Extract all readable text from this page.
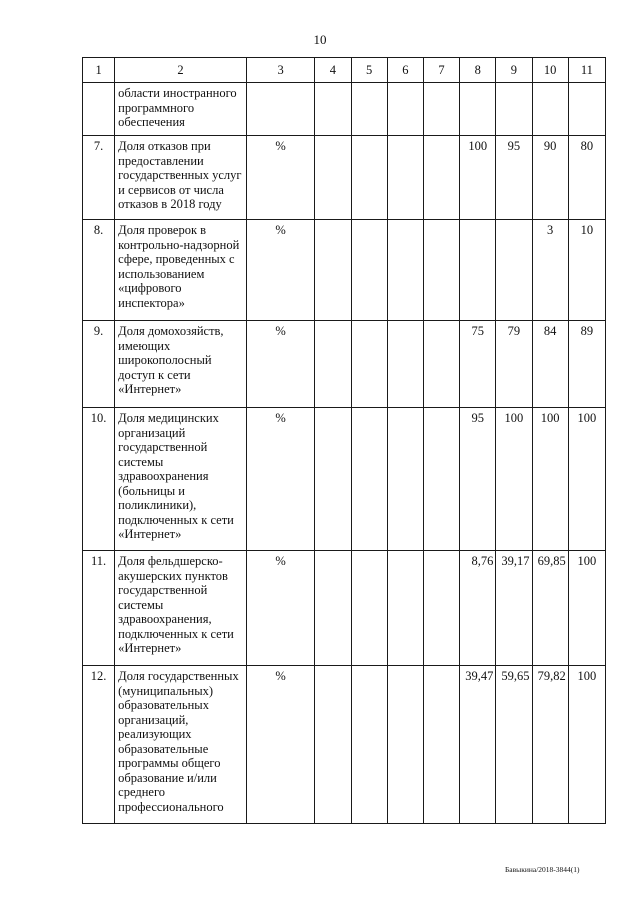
10
1	2	3	4	5	6	7	8	9	10	11
	области иностранного программного обеспечения									
7.	Доля отказов при предоставлении государственных услуг и сервисов от числа отказов в 2018 году	%					100	95	90	80
8.	Доля проверок в контрольно-надзорной сфере, проведенных с использованием «цифрового инспектора»	%							3	10
9.	Доля домохозяйств, имеющих широкополосный доступ к сети «Интернет»	%					75	79	84	89
10.	Доля медицинских организаций государственной системы здравоохранения (больницы и поликлиники), подключенных к сети «Интернет»	%					95	100	100	100
11.	Доля фельдшерско-акушерских пунктов государственной системы здравоохранения, подключенных к сети «Интернет»	%					8,76	39,17	69,85	100
12.	Доля государственных (муниципальных) образовательных организаций, реализующих образовательные программы общего образование и/или среднего профессионального	%					39,47	59,65	79,82	100
Бавыкина/2018-3844(1)
